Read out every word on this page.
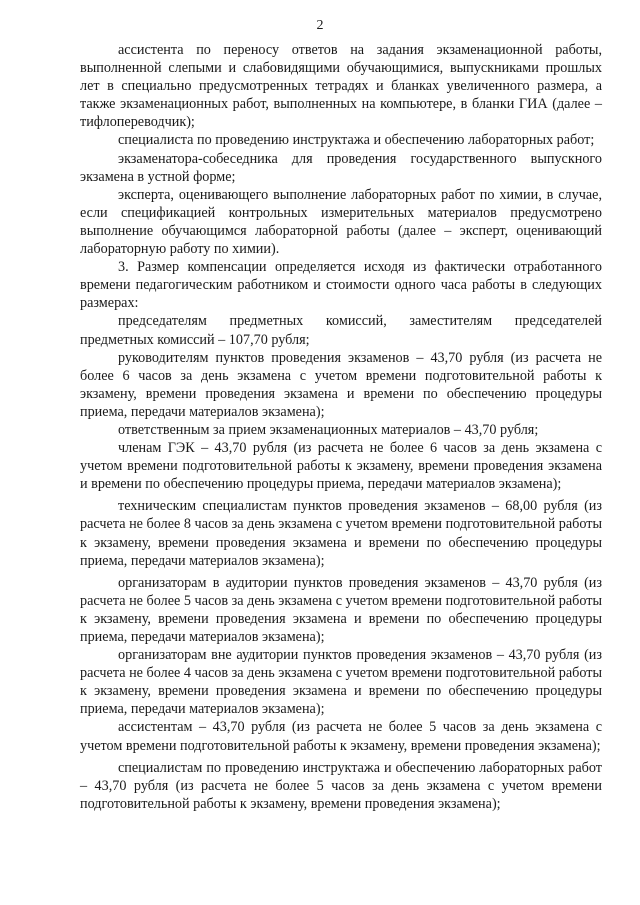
2

ассистента по переносу ответов на задания экзаменационной работы, выполненной слепыми и слабовидящими обучающимися, выпускниками прошлых лет в специально предусмотренных тетрадях и бланках увеличенного размера, а также экзаменационных работ, выполненных на компьютере, в бланки ГИА (далее – тифлопереводчик);

специалиста по проведению инструктажа и обеспечению лабораторных работ;

экзаменатора-собеседника для проведения государственного выпускного экзамена в устной форме;

эксперта, оценивающего выполнение лабораторных работ по химии, в случае, если спецификацией контрольных измерительных материалов предусмотрено выполнение обучающимся лабораторной работы (далее – эксперт, оценивающий лабораторную работу по химии).

3. Размер компенсации определяется исходя из фактически отработанного времени педагогическим работником и стоимости одного часа работы в следующих размерах:

председателям предметных комиссий, заместителям председателей предметных комиссий – 107,70 рубля;

руководителям пунктов проведения экзаменов – 43,70 рубля (из расчета не более 6 часов за день экзамена с учетом времени подготовительной работы к экзамену, времени проведения экзамена и времени по обеспечению процедуры приема, передачи материалов экзамена);

ответственным за прием экзаменационных материалов – 43,70 рубля;

членам ГЭК – 43,70 рубля (из расчета не более 6 часов за день экзамена с учетом времени подготовительной работы к экзамену, времени проведения экзамена и времени по обеспечению процедуры приема, передачи материалов экзамена);

техническим специалистам пунктов проведения экзаменов – 68,00 рубля (из расчета не более 8 часов за день экзамена с учетом времени подготовительной работы к экзамену, времени проведения экзамена и времени по обеспечению процедуры приема, передачи материалов экзамена);

организаторам в аудитории пунктов проведения экзаменов – 43,70 рубля (из расчета не более 5 часов за день экзамена с учетом времени подготовительной работы к экзамену, времени проведения экзамена и времени по обеспечению процедуры приема, передачи материалов экзамена);

организаторам вне аудитории пунктов проведения экзаменов – 43,70 рубля (из расчета не более 4 часов за день экзамена с учетом времени подготовительной работы к экзамену, времени проведения экзамена и времени по обеспечению процедуры приема, передачи материалов экзамена);

ассистентам – 43,70 рубля (из расчета не более 5 часов за день экзамена с учетом времени подготовительной работы к экзамену, времени проведения экзамена);

специалистам по проведению инструктажа и обеспечению лабораторных работ – 43,70 рубля (из расчета не более 5 часов за день экзамена с учетом времени подготовительной работы к экзамену, времени проведения экзамена);
